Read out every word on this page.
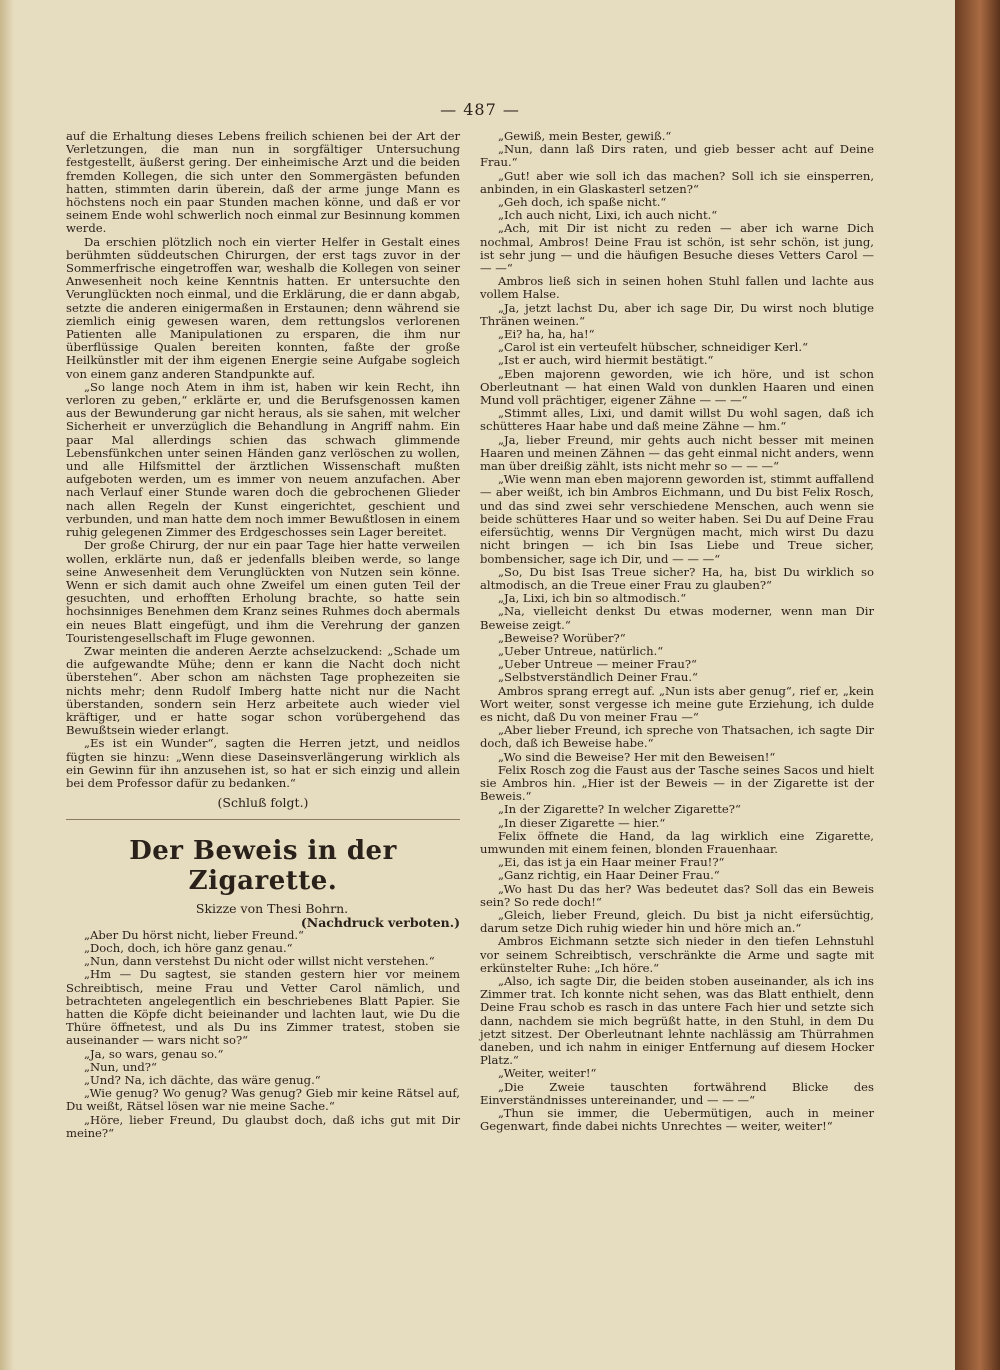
— 487 —

auf die Erhaltung dieses Lebens freilich schienen bei der Art der Verletzungen, die man nun in sorgfältiger Untersuchung festgestellt, äußerst gering. Der einheimische Arzt und die beiden fremden Kollegen, die sich unter den Sommergästen befunden hatten, stimmten darin überein, daß der arme junge Mann es höchstens noch ein paar Stunden machen könne, und daß er vor seinem Ende wohl schwerlich noch einmal zur Besinnung kommen werde.

Da erschien plötzlich noch ein vierter Helfer in Gestalt eines berühmten süddeutschen Chirurgen, der erst tags zuvor in der Sommerfrische eingetroffen war, weshalb die Kollegen von seiner Anwesenheit noch keine Kenntnis hatten. Er untersuchte den Verunglückten noch einmal, und die Erklärung, die er dann abgab, setzte die anderen einigermaßen in Erstaunen; denn während sie ziemlich einig gewesen waren, dem rettungslos verlorenen Patienten alle Manipulationen zu ersparen, die ihm nur überflüssige Qualen bereiten konnten, faßte der große Heilkünstler mit der ihm eigenen Energie seine Aufgabe sogleich von einem ganz anderen Standpunkte auf.

„So lange noch Atem in ihm ist, haben wir kein Recht, ihn verloren zu geben,“ erklärte er, und die Berufsgenossen kamen aus der Bewunderung gar nicht heraus, als sie sahen, mit welcher Sicherheit er unverzüglich die Behandlung in Angriff nahm. Ein paar Mal allerdings schien das schwach glimmende Lebensfünkchen unter seinen Händen ganz verlöschen zu wollen, und alle Hilfsmittel der ärztlichen Wissenschaft mußten aufgeboten werden, um es immer von neuem anzufachen. Aber nach Verlauf einer Stunde waren doch die gebrochenen Glieder nach allen Regeln der Kunst eingerichtet, geschient und verbunden, und man hatte dem noch immer Bewußtlosen in einem ruhig gelegenen Zimmer des Erdgeschosses sein Lager bereitet.

Der große Chirurg, der nur ein paar Tage hier hatte verweilen wollen, erklärte nun, daß er jedenfalls bleiben werde, so lange seine Anwesenheit dem Verunglückten von Nutzen sein könne. Wenn er sich damit auch ohne Zweifel um einen guten Teil der gesuchten, und erhofften Erholung brachte, so hatte sein hochsinniges Benehmen dem Kranz seines Ruhmes doch abermals ein neues Blatt eingefügt, und ihm die Verehrung der ganzen Touristengesellschaft im Fluge gewonnen.

Zwar meinten die anderen Aerzte achselzuckend: „Schade um die aufgewandte Mühe; denn er kann die Nacht doch nicht überstehen“. Aber schon am nächsten Tage prophezeiten sie nichts mehr; denn Rudolf Imberg hatte nicht nur die Nacht überstanden, sondern sein Herz arbeitete auch wieder viel kräftiger, und er hatte sogar schon vorübergehend das Bewußtsein wieder erlangt.

„Es ist ein Wunder“, sagten die Herren jetzt, und neidlos fügten sie hinzu: „Wenn diese Daseinsverlängerung wirklich als ein Gewinn für ihn anzusehen ist, so hat er sich einzig und allein bei dem Professor dafür zu bedanken.“

(Schluß folgt.)

Der Beweis in der Zigarette.

Skizze von Thesi Bohrn.

(Nachdruck verboten.)

„Aber Du hörst nicht, lieber Freund.“

„Doch, doch, ich höre ganz genau.“

„Nun, dann verstehst Du nicht oder willst nicht verstehen.“

„Hm — Du sagtest, sie standen gestern hier vor meinem Schreibtisch, meine Frau und Vetter Carol nämlich, und betrachteten angelegentlich ein beschriebenes Blatt Papier. Sie hatten die Köpfe dicht beieinander und lachten laut, wie Du die Thüre öffnetest, und als Du ins Zimmer tratest, stoben sie auseinander — wars nicht so?“

„Ja, so wars, genau so.“

„Nun, und?“

„Und? Na, ich dächte, das wäre genug.“

„Wie genug? Wo genug? Was genug? Gieb mir keine Rätsel auf, Du weißt, Rätsel lösen war nie meine Sache.“

„Höre, lieber Freund, Du glaubst doch, daß ichs gut mit Dir meine?“

„Gewiß, mein Bester, gewiß.“

„Nun, dann laß Dirs raten, und gieb besser acht auf Deine Frau.“

„Gut! aber wie soll ich das machen? Soll ich sie einsperren, anbinden, in ein Glaskasterl setzen?“

„Geh doch, ich spaße nicht.“

„Ich auch nicht, Lixi, ich auch nicht.“

„Ach, mit Dir ist nicht zu reden — aber ich warne Dich nochmal, Ambros! Deine Frau ist schön, ist sehr schön, ist jung, ist sehr jung — und die häufigen Besuche dieses Vetters Carol — — —“

Ambros ließ sich in seinen hohen Stuhl fallen und lachte aus vollem Halse.

„Ja, jetzt lachst Du, aber ich sage Dir, Du wirst noch blutige Thränen weinen.“

„Ei? ha, ha, ha!“

„Carol ist ein verteufelt hübscher, schneidiger Kerl.“

„Ist er auch, wird hiermit bestätigt.“

„Eben majorenn geworden, wie ich höre, und ist schon Oberleutnant — hat einen Wald von dunklen Haaren und einen Mund voll prächtiger, eigener Zähne — — —“

„Stimmt alles, Lixi, und damit willst Du wohl sagen, daß ich schütteres Haar habe und daß meine Zähne — hm.“

„Ja, lieber Freund, mir gehts auch nicht besser mit meinen Haaren und meinen Zähnen — das geht einmal nicht anders, wenn man über dreißig zählt, ists nicht mehr so — — —“

„Wie wenn man eben majorenn geworden ist, stimmt auffallend — aber weißt, ich bin Ambros Eichmann, und Du bist Felix Rosch, und das sind zwei sehr verschiedene Menschen, auch wenn sie beide schütteres Haar und so weiter haben. Sei Du auf Deine Frau eifersüchtig, wenns Dir Vergnügen macht, mich wirst Du dazu nicht bringen — ich bin Isas Liebe und Treue sicher, bombensicher, sage ich Dir, und — — —“

„So, Du bist Isas Treue sicher? Ha, ha, bist Du wirklich so altmodisch, an die Treue einer Frau zu glauben?“

„Ja, Lixi, ich bin so altmodisch.“

„Na, vielleicht denkst Du etwas moderner, wenn man Dir Beweise zeigt.“

„Beweise? Worüber?“

„Ueber Untreue, natürlich.“

„Ueber Untreue — meiner Frau?“

„Selbstverständlich Deiner Frau.“

Ambros sprang erregt auf. „Nun ists aber genug“, rief er, „kein Wort weiter, sonst vergesse ich meine gute Erziehung, ich dulde es nicht, daß Du von meiner Frau —“

„Aber lieber Freund, ich spreche von Thatsachen, ich sagte Dir doch, daß ich Beweise habe.“

„Wo sind die Beweise? Her mit den Beweisen!“

Felix Rosch zog die Faust aus der Tasche seines Sacos und hielt sie Ambros hin. „Hier ist der Beweis — in der Zigarette ist der Beweis.“

„In der Zigarette? In welcher Zigarette?“

„In dieser Zigarette — hier.“

Felix öffnete die Hand, da lag wirklich eine Zigarette, umwunden mit einem feinen, blonden Frauenhaar.

„Ei, das ist ja ein Haar meiner Frau!?“

„Ganz richtig, ein Haar Deiner Frau.“

„Wo hast Du das her? Was bedeutet das? Soll das ein Beweis sein? So rede doch!“

„Gleich, lieber Freund, gleich. Du bist ja nicht eifersüchtig, darum setze Dich ruhig wieder hin und höre mich an.“

Ambros Eichmann setzte sich nieder in den tiefen Lehnstuhl vor seinem Schreibtisch, verschränkte die Arme und sagte mit erkünstelter Ruhe: „Ich höre.“

„Also, ich sagte Dir, die beiden stoben auseinander, als ich ins Zimmer trat. Ich konnte nicht sehen, was das Blatt enthielt, denn Deine Frau schob es rasch in das untere Fach hier und setzte sich dann, nachdem sie mich begrüßt hatte, in den Stuhl, in dem Du jetzt sitzest. Der Oberleutnant lehnte nachlässig am Thürrahmen daneben, und ich nahm in einiger Entfernung auf diesem Hocker Platz.“

„Weiter, weiter!“

„Die Zweie tauschten fortwährend Blicke des Einverständnisses untereinander, und — — —“

„Thun sie immer, die Uebermütigen, auch in meiner Gegenwart, finde dabei nichts Unrechtes — weiter, weiter!“
